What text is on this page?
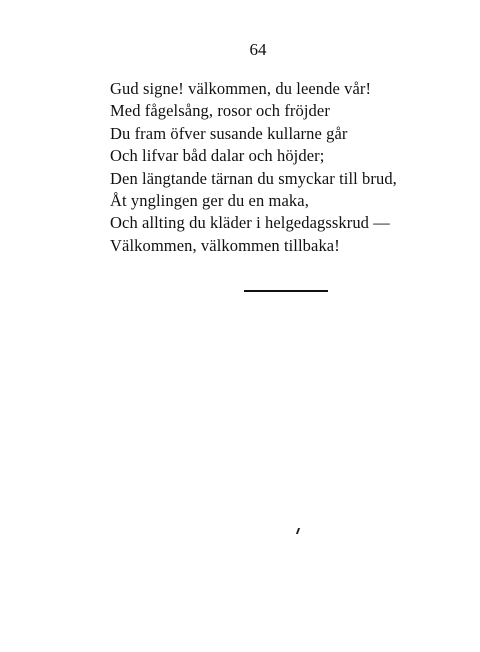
64
Gud signe! välkommen, du leende vår!
Med fågelsång, rosor och fröjder
Du fram öfver susande kullarne går
Och lifvar båd dalar och höjder;
Den längtande tärnan du smyckar till brud,
Åt ynglingen ger du en maka,
Och allting du kläder i helgedagsskrud —
Välkommen, välkommen tillbaka!
